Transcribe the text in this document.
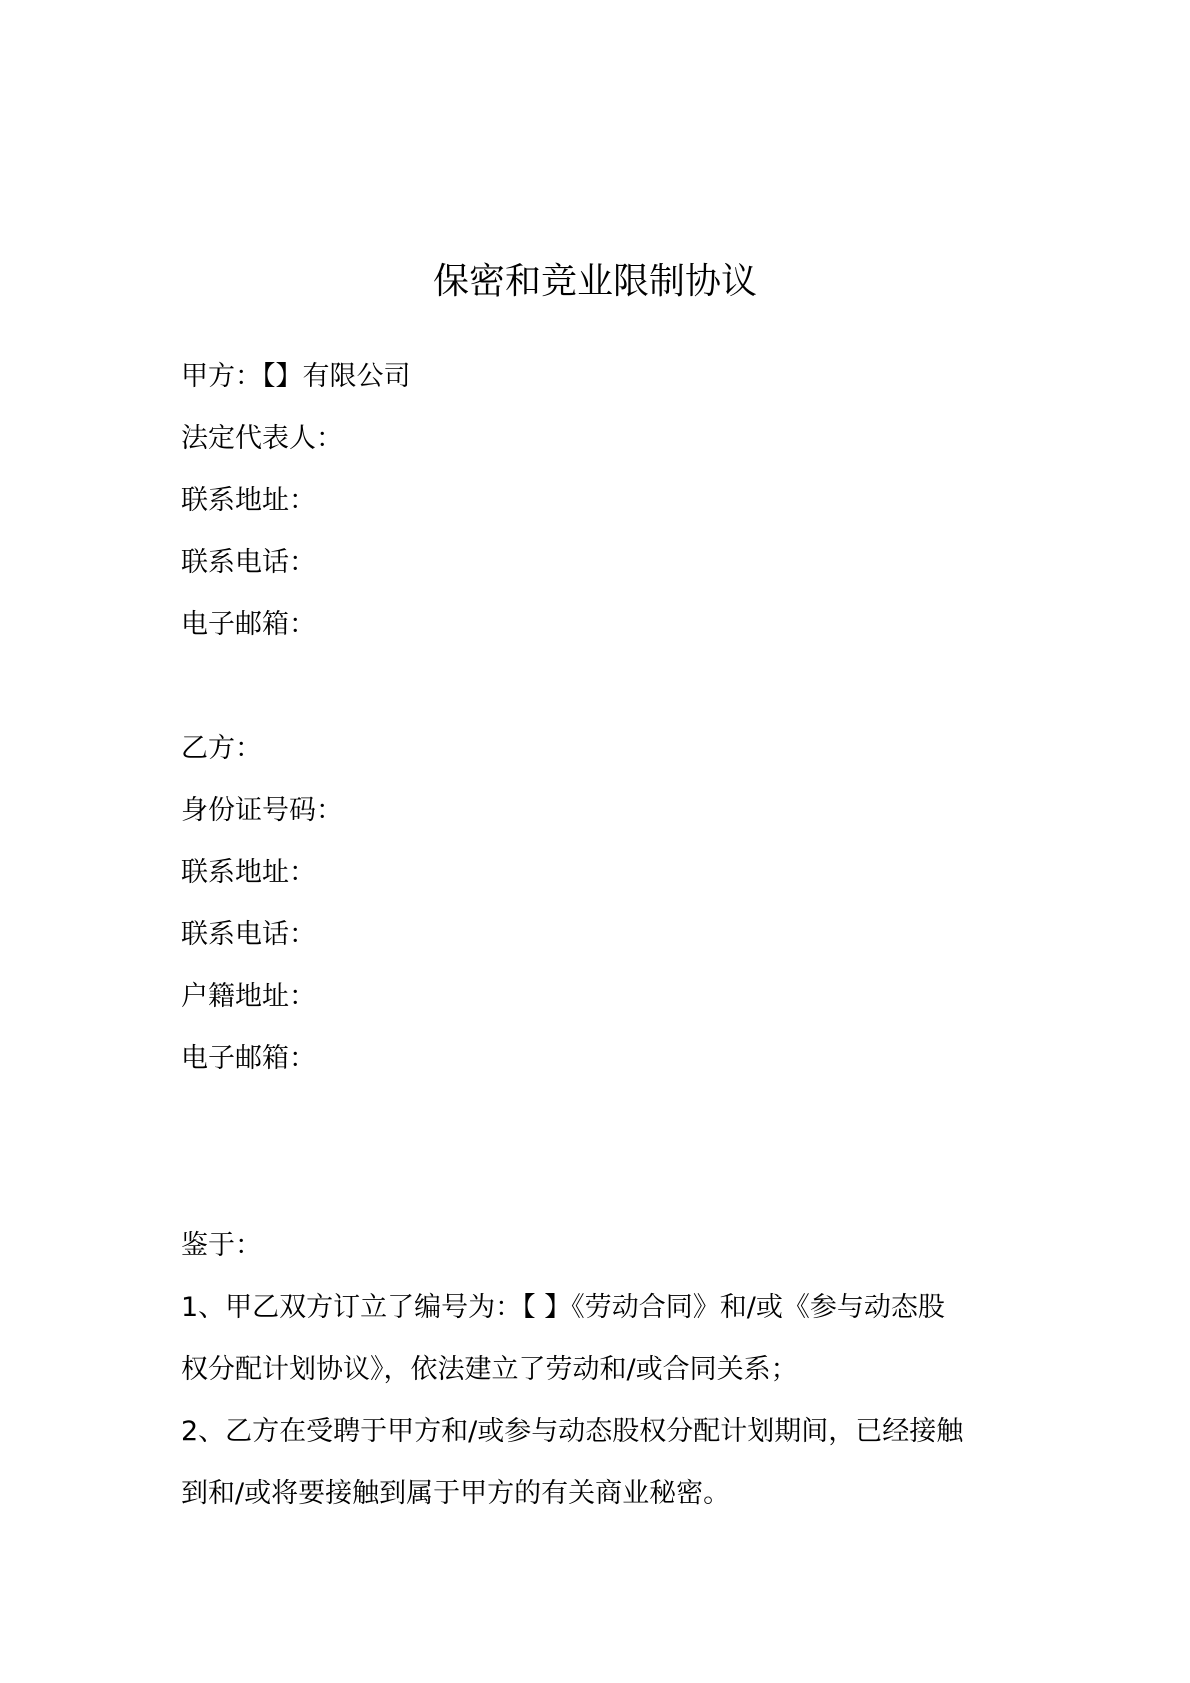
保密和竞业限制协议
甲方：【】有限公司
法定代表人：
联系地址：
联系电话：
电子邮箱：
乙方：
身份证号码：
联系地址：
联系电话：
户籍地址：
电子邮箱：
鉴于：
1、甲乙双方订立了编号为：【 】《劳动合同》和/或《参与动态股
权分配计划协议》，依法建立了劳动和/或合同关系；
2、乙方在受聘于甲方和/或参与动态股权分配计划期间，已经接触
到和/或将要接触到属于甲方的有关商业秘密。
